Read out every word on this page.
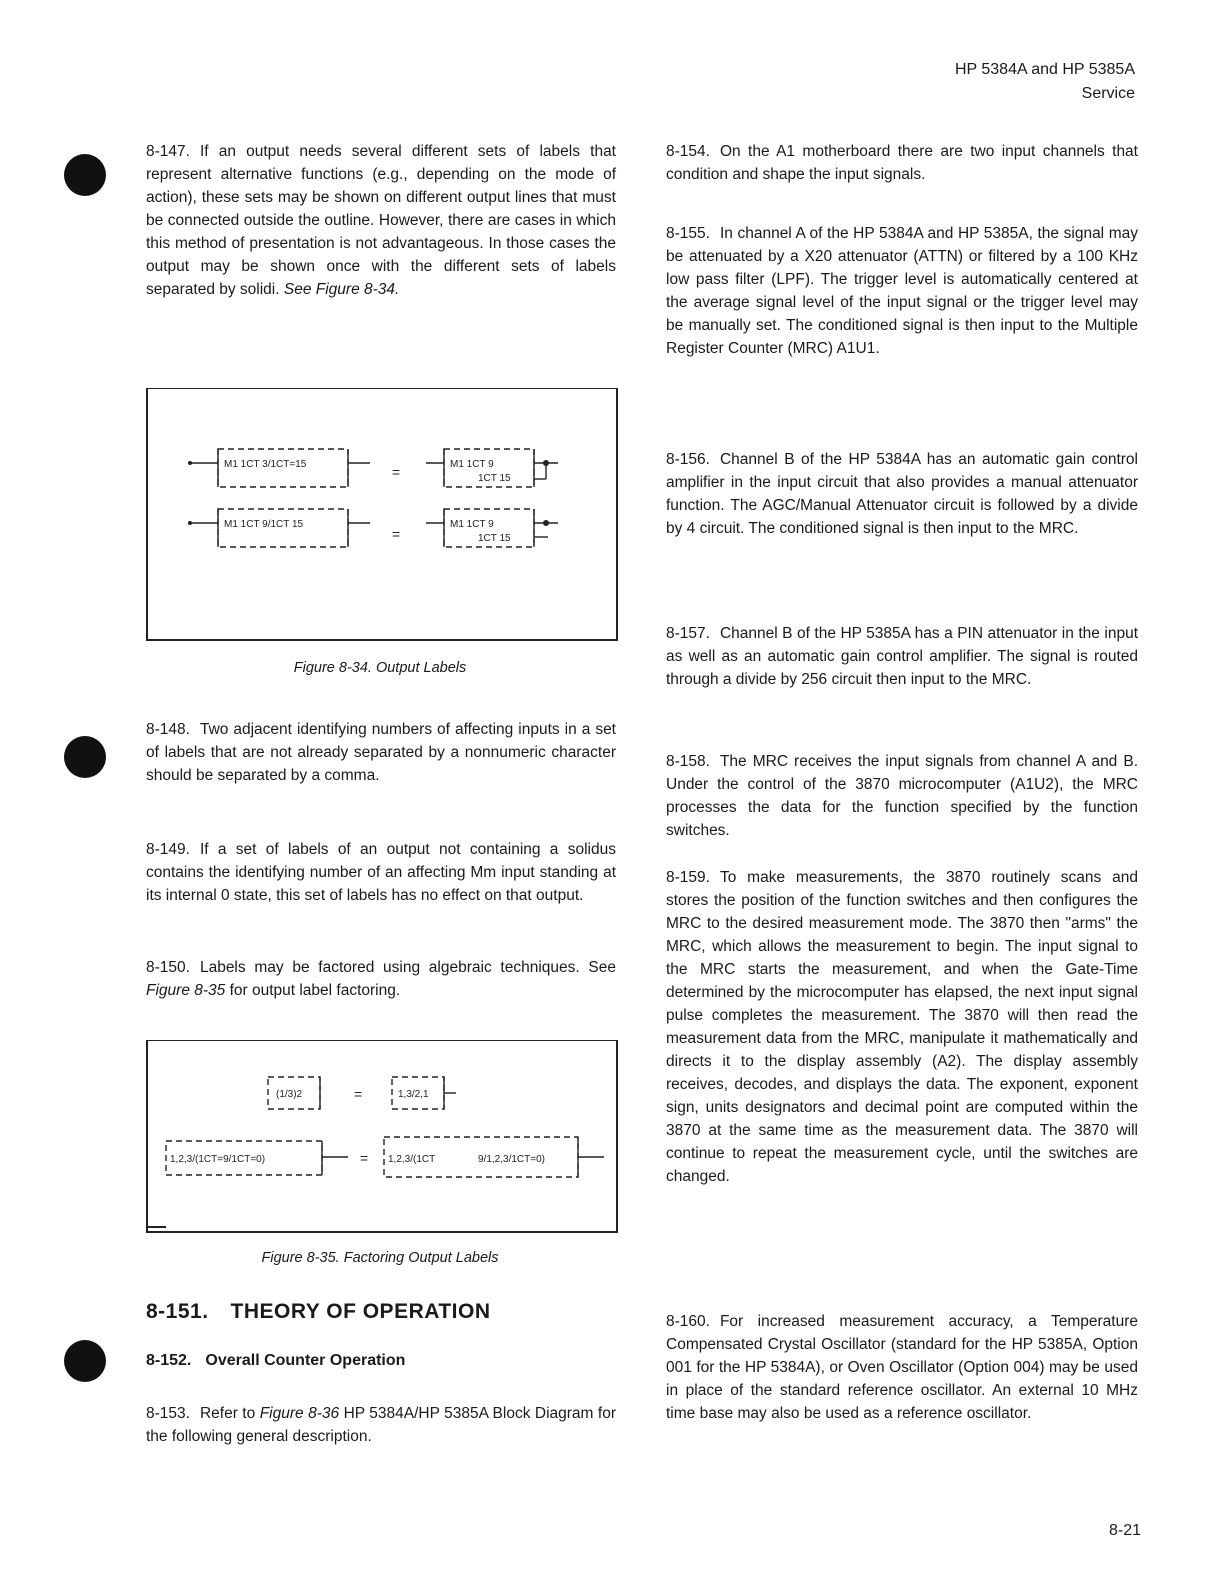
HP 5384A and HP 5385A
Service

8-147. If an output needs several different sets of labels that represent alternative functions (e.g., depending on the mode of action), these sets may be shown on different output lines that must be connected outside the outline. However, there are cases in which this method of presentation is not advantageous. In those cases the output may be shown once with the different sets of labels separated by solidi. See Figure 8-34.

M1 1CT 3/1CT=15	M1 1CT 9
1CT 15
M1 1CT 9/1CT 15	M1 1CT 9
1CT 15
=
=
Figure 8-34. Output Labels

8-148. Two adjacent identifying numbers of affecting inputs in a set of labels that are not already separated by a nonnumeric character should be separated by a comma.

8-149. If a set of labels of an output not containing a solidus contains the identifying number of an affecting Mm input standing at its internal 0 state, this set of labels has no effect on that output.

8-150. Labels may be factored using algebraic techniques. See Figure 8-35 for output label factoring.

(1/3)2	1,3/2,1
1,2,3/(1CT=9/1CT=0)	1,2,3/(1CT	9/1,2,3/1CT=0)
=
=
Figure 8-35. Factoring Output Labels
8-151. THEORY OF OPERATION
8-152. Overall Counter Operation

8-153. Refer to Figure 8-36 HP 5384A/HP 5385A Block Diagram for the following general description.

8-154. On the A1 motherboard there are two input channels that condition and shape the input signals.

8-155. In channel A of the HP 5384A and HP 5385A, the signal may be attenuated by a X20 attenuator (ATTN) or filtered by a 100 KHz low pass filter (LPF). The trigger level is automatically centered at the average signal level of the input signal or the trigger level may be manually set. The conditioned signal is then input to the Multiple Register Counter (MRC) A1U1.

8-156. Channel B of the HP 5384A has an automatic gain control amplifier in the input circuit that also provides a manual attenuator function. The AGC/Manual Attenuator circuit is followed by a divide by 4 circuit. The conditioned signal is then input to the MRC.

8-157. Channel B of the HP 5385A has a PIN attenuator in the input as well as an automatic gain control amplifier. The signal is routed through a divide by 256 circuit then input to the MRC.

8-158. The MRC receives the input signals from channel A and B. Under the control of the 3870 microcomputer (A1U2), the MRC processes the data for the function specified by the function switches.

8-159. To make measurements, the 3870 routinely scans and stores the position of the function switches and then configures the MRC to the desired measurement mode. The 3870 then "arms" the MRC, which allows the measurement to begin. The input signal to the MRC starts the measurement, and when the Gate-Time determined by the microcomputer has elapsed, the next input signal pulse completes the measurement. The 3870 will then read the measurement data from the MRC, manipulate it mathematically and directs it to the display assembly (A2). The display assembly receives, decodes, and displays the data. The exponent, exponent sign, units designators and decimal point are computed within the 3870 at the same time as the measurement data. The 3870 will continue to repeat the measurement cycle, until the switches are changed.

8-160. For increased measurement accuracy, a Temperature Compensated Crystal Oscillator (standard for the HP 5385A, Option 001 for the HP 5384A), or Oven Oscillator (Option 004) may be used in place of the standard reference oscillator. An external 10 MHz time base may also be used as a reference oscillator.

8-21
